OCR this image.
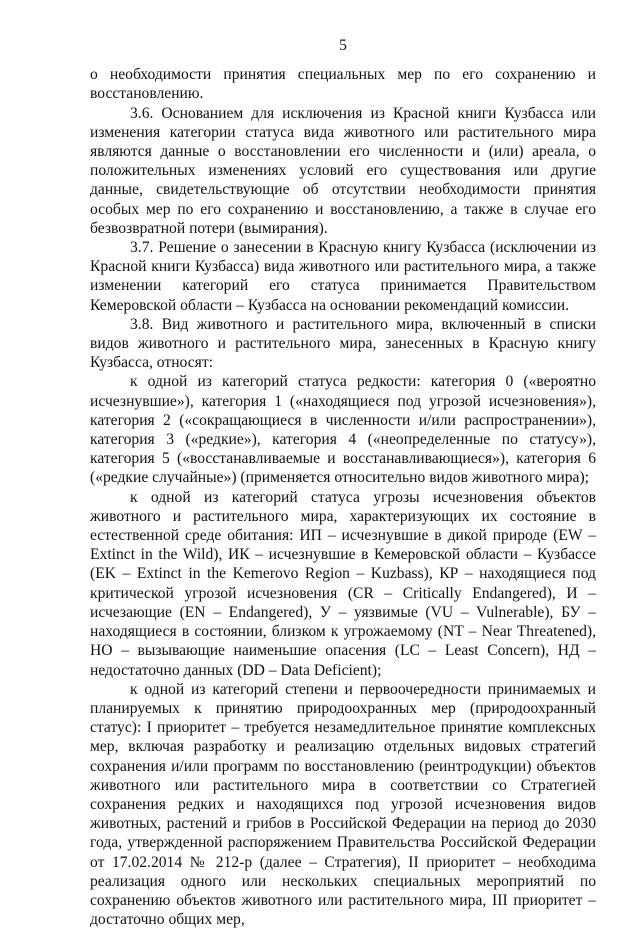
5

о необходимости принятия специальных мер по его сохранению и восстановлению.

3.6. Основанием для исключения из Красной книги Кузбасса или изменения категории статуса вида животного или растительного мира являются данные о восстановлении его численности и (или) ареала, о положительных изменениях условий его существования или другие данные, свидетельствующие об отсутствии необходимости принятия особых мер по его сохранению и восстановлению, а также в случае его безвозвратной потери (вымирания).

3.7. Решение о занесении в Красную книгу Кузбасса (исключении из Красной книги Кузбасса) вида животного или растительного мира, а также изменении категорий его статуса принимается Правительством Кемеровской области – Кузбасса на основании рекомендаций комиссии.

3.8. Вид животного и растительного мира, включенный в списки видов животного и растительного мира, занесенных в Красную книгу Кузбасса, относят:

к одной из категорий статуса редкости: категория 0 («вероятно исчезнувшие»), категория 1 («находящиеся под угрозой исчезновения»), категория 2 («сокращающиеся в численности и/или распространении»), категория 3 («редкие»), категория 4 («неопределенные по статусу»), категория 5 («восстанавливаемые и восстанавливающиеся»), категория 6 («редкие случайные») (применяется относительно видов животного мира);

к одной из категорий статуса угрозы исчезновения объектов животного и растительного мира, характеризующих их состояние в естественной среде обитания: ИП – исчезнувшие в дикой природе (EW – Extinct in the Wild), ИК – исчезнувшие в Кемеровской области – Кузбассе (EK – Extinct in the Kemerovo Region – Kuzbass), КР – находящиеся под критической угрозой исчезновения (CR – Critically Endangered), И – исчезающие (EN – Endangered), У – уязвимые (VU – Vulnerable), БУ – находящиеся в состоянии, близком к угрожаемому (NT – Near Threatened), НО – вызывающие наименьшие опасения (LC – Least Concern), НД – недостаточно данных (DD – Data Deficient);

к одной из категорий степени и первоочередности принимаемых и планируемых к принятию природоохранных мер (природоохранный статус): I приоритет – требуется незамедлительное принятие комплексных мер, включая разработку и реализацию отдельных видовых стратегий сохранения и/или программ по восстановлению (реинтродукции) объектов животного или растительного мира в соответствии со Стратегией сохранения редких и находящихся под угрозой исчезновения видов животных, растений и грибов в Российской Федерации на период до 2030 года, утвержденной распоряжением Правительства Российской Федерации от 17.02.2014 № 212-р (далее – Стратегия), II приоритет – необходима реализация одного или нескольких специальных мероприятий по сохранению объектов животного или растительного мира, III приоритет – достаточно общих мер,
